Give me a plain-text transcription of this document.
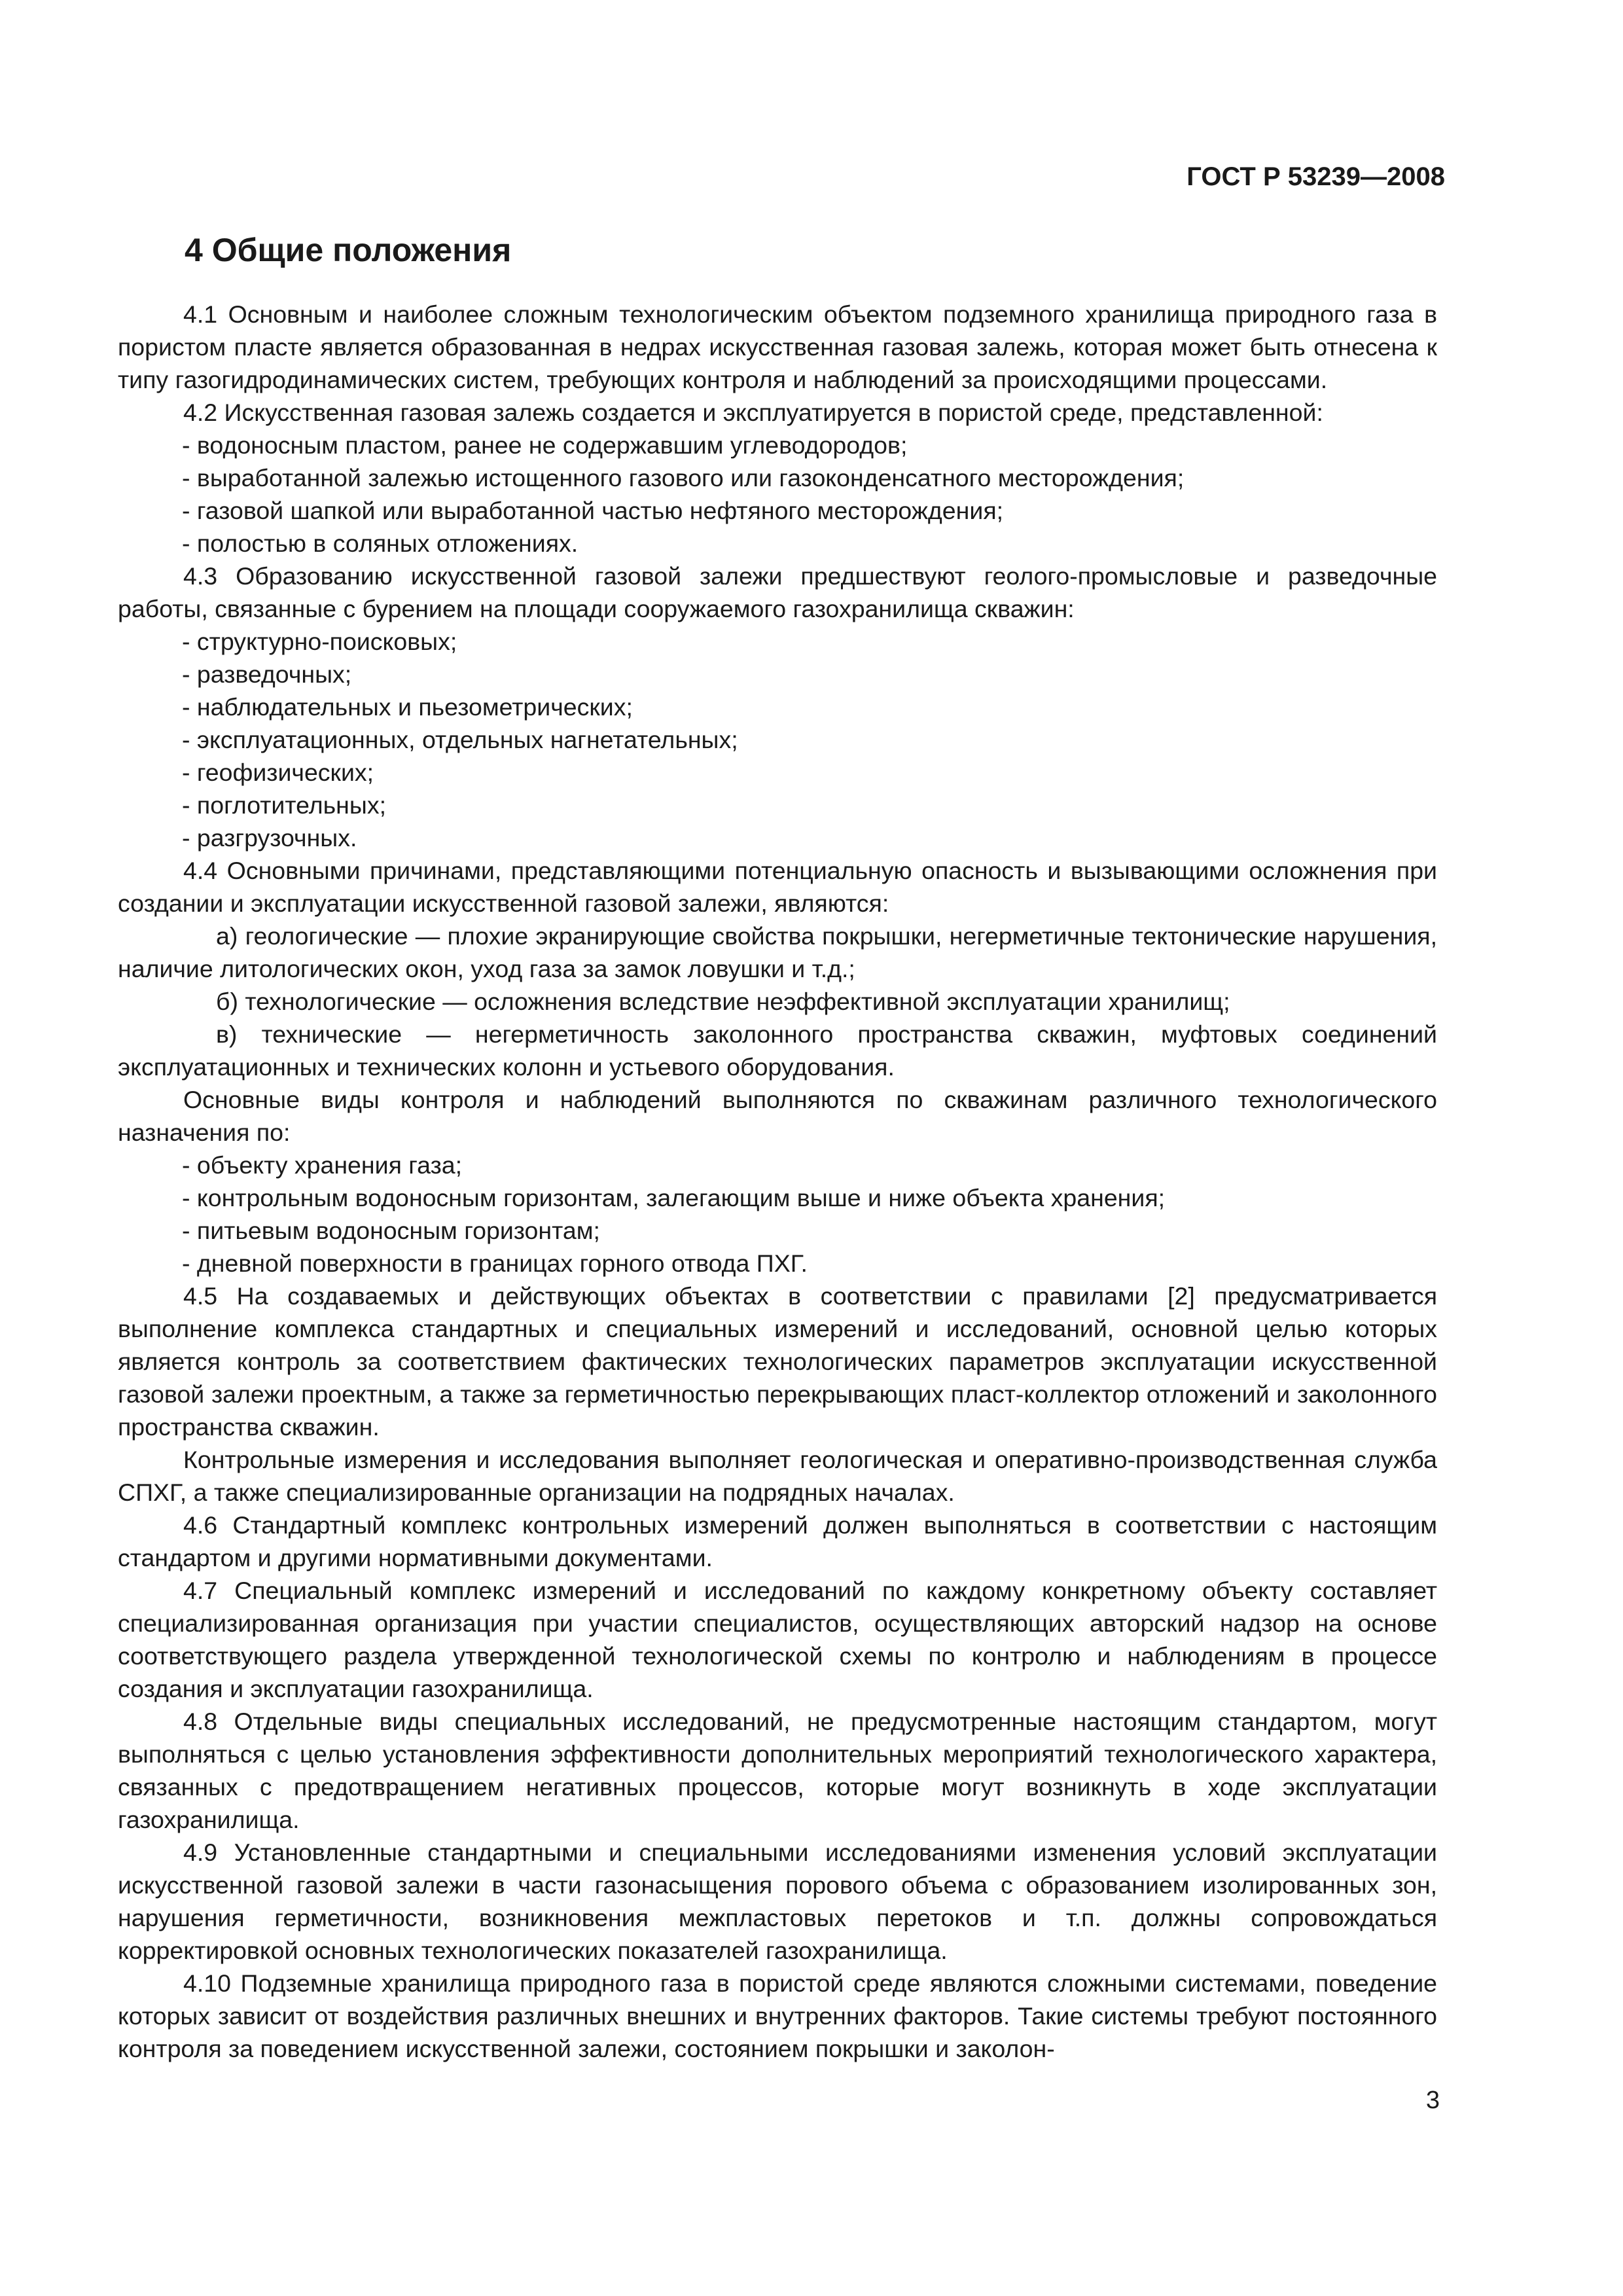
ГОСТ Р 53239—2008
4 Общие положения

4.1 Основным и наиболее сложным технологическим объектом подземного хранилища природного газа в пористом пласте является образованная в недрах искусственная газовая залежь, которая может быть отнесена к типу газогидродинамических систем, требующих контроля и наблюдений за происходящими процессами.

4.2 Искусственная газовая залежь создается и эксплуатируется в пористой среде, представленной:

- водоносным пластом, ранее не содержавшим углеводородов;

- выработанной залежью истощенного газового или газоконденсатного месторождения;

- газовой шапкой или выработанной частью нефтяного месторождения;

- полостью в соляных отложениях.

4.3 Образованию искусственной газовой залежи предшествуют геолого-промысловые и разведочные работы, связанные с бурением на площади сооружаемого газохранилища скважин:

- структурно-поисковых;

- разведочных;

- наблюдательных и пьезометрических;

- эксплуатационных, отдельных нагнетательных;

- геофизических;

- поглотительных;

- разгрузочных.

4.4 Основными причинами, представляющими потенциальную опасность и вызывающими осложнения при создании и эксплуатации искусственной газовой залежи, являются:

а) геологические — плохие экранирующие свойства покрышки, негерметичные тектонические нарушения, наличие литологических окон, уход газа за замок ловушки и т.д.;

б) технологические — осложнения вследствие неэффективной эксплуатации хранилищ;

в) технические — негерметичность заколонного пространства скважин, муфтовых соединений эксплуатационных и технических колонн и устьевого оборудования.

Основные виды контроля и наблюдений выполняются по скважинам различного технологического назначения по:

- объекту хранения газа;

- контрольным водоносным горизонтам, залегающим выше и ниже объекта хранения;

- питьевым водоносным горизонтам;

- дневной поверхности в границах горного отвода ПХГ.

4.5 На создаваемых и действующих объектах в соответствии с правилами [2] предусматривается выполнение комплекса стандартных и специальных измерений и исследований, основной целью которых является контроль за соответствием фактических технологических параметров эксплуатации искусственной газовой залежи проектным, а также за герметичностью перекрывающих пласт-коллектор отложений и заколонного пространства скважин.

Контрольные измерения и исследования выполняет геологическая и оперативно-производственная служба СПХГ, а также специализированные организации на подрядных началах.

4.6 Стандартный комплекс контрольных измерений должен выполняться в соответствии с настоящим стандартом и другими нормативными документами.

4.7 Специальный комплекс измерений и исследований по каждому конкретному объекту составляет специализированная организация при участии специалистов, осуществляющих авторский надзор на основе соответствующего раздела утвержденной технологической схемы по контролю и наблюдениям в процессе создания и эксплуатации газохранилища.

4.8 Отдельные виды специальных исследований, не предусмотренные настоящим стандартом, могут выполняться с целью установления эффективности дополнительных мероприятий технологического характера, связанных с предотвращением негативных процессов, которые могут возникнуть в ходе эксплуатации газохранилища.

4.9 Установленные стандартными и специальными исследованиями изменения условий эксплуатации искусственной газовой залежи в части газонасыщения порового объема с образованием изолированных зон, нарушения герметичности, возникновения межпластовых перетоков и т.п. должны сопровождаться корректировкой основных технологических показателей газохранилища.

4.10 Подземные хранилища природного газа в пористой среде являются сложными системами, поведение которых зависит от воздействия различных внешних и внутренних факторов. Такие системы требуют постоянного контроля за поведением искусственной залежи, состоянием покрышки и заколон-

3
